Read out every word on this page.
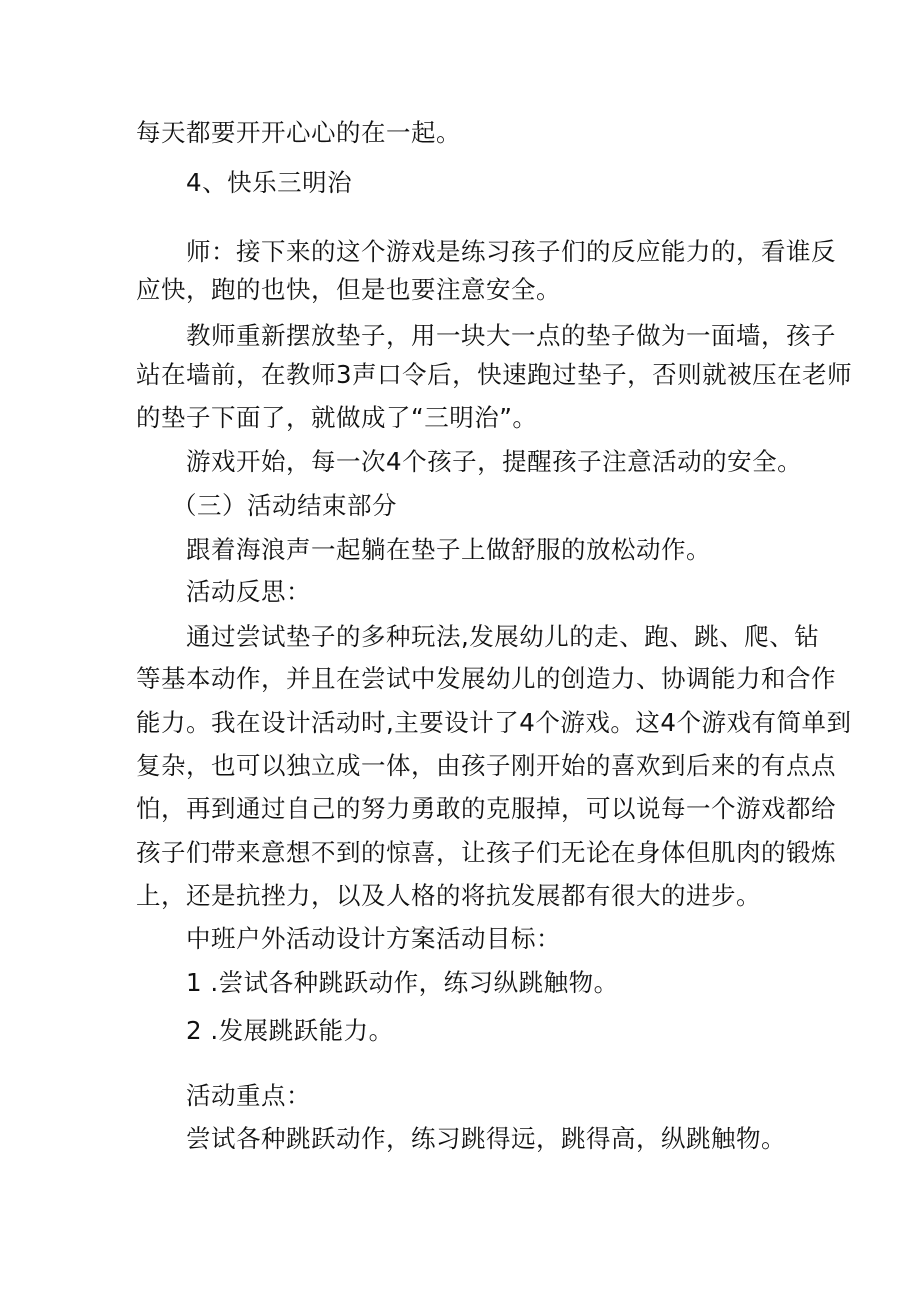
每天都要开开心心的在一起。
4、快乐三明治
师：接下来的这个游戏是练习孩子们的反应能力的，看谁反
应快，跑的也快，但是也要注意安全。
教师重新摆放垫子，用一块大一点的垫子做为一面墙，孩子
站在墙前，在教师3声口令后，快速跑过垫子，否则就被压在老师
的垫子下面了，就做成了“三明治”。
游戏开始，每一次4个孩子，提醒孩子注意活动的安全。
（三）活动结束部分
跟着海浪声一起躺在垫子上做舒服的放松动作。
活动反思：
通过尝试垫子的多种玩法,发展幼儿的走、跑、跳、爬、钻
等基本动作，并且在尝试中发展幼儿的创造力、协调能力和合作
能力。我在设计活动时,主要设计了4个游戏。这4个游戏有简单到
复杂，也可以独立成一体，由孩子刚开始的喜欢到后来的有点点
怕，再到通过自己的努力勇敢的克服掉，可以说每一个游戏都给
孩子们带来意想不到的惊喜，让孩子们无论在身体但肌肉的锻炼
上，还是抗挫力，以及人格的将抗发展都有很大的进步。
中班户外活动设计方案活动目标：
1 .尝试各种跳跃动作，练习纵跳触物。
2 .发展跳跃能力。
活动重点：
尝试各种跳跃动作，练习跳得远，跳得高，纵跳触物。
